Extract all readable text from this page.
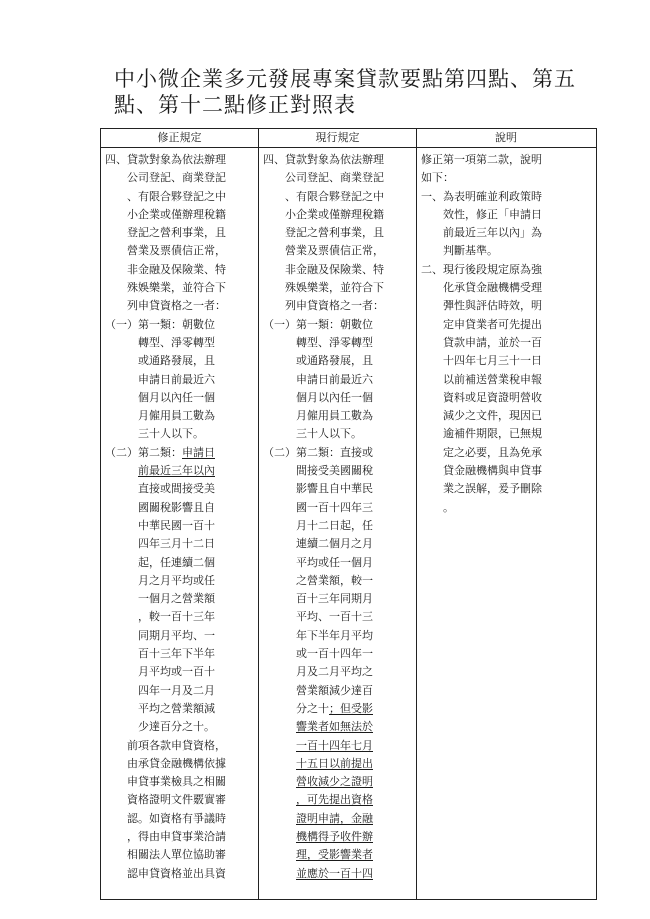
中小微企業多元發展專案貸款要點第四點、第五
點、第十二點修正對照表
修正規定	現行規定	說明
四、貸款對象為依法辦理
　　公司登記、商業登記
　　、有限合夥登記之中
　　小企業或僅辦理稅籍
　　登記之營利事業，且
　　營業及票債信正常，
　　非金融及保險業、特
　　殊娛樂業，並符合下
　　列申貸資格之一者：
（一）第一類：朝數位
　　　轉型、淨零轉型
　　　或通路發展，且
　　　申請日前最近六
　　　個月以內任一個
　　　月僱用員工數為
　　　三十人以下。
（二）第二類：申請日
　　　前最近三年以內
　　　直接或間接受美
　　　國關稅影響且自
　　　中華民國一百十
　　　四年三月十二日
　　　起，任連續二個
　　　月之月平均或任
　　　一個月之營業額
　　　，較一百十三年
　　　同期月平均、一
　　　百十三年下半年
　　　月平均或一百十
　　　四年一月及二月
　　　平均之營業額減
　　　少達百分之十。
　　前項各款申貸資格，
　　由承貸金融機構依據
　　申貸事業檢具之相關
　　資格證明文件覈實審
　　認。如資格有爭議時
　　，得由申貸事業洽請
　　相關法人單位協助審
　　認申貸資格並出具資
四、貸款對象為依法辦理
　　公司登記、商業登記
　　、有限合夥登記之中
　　小企業或僅辦理稅籍
　　登記之營利事業，且
　　營業及票債信正常，
　　非金融及保險業、特
　　殊娛樂業，並符合下
　　列申貸資格之一者：
（一）第一類：朝數位
　　　轉型、淨零轉型
　　　或通路發展，且
　　　申請日前最近六
　　　個月以內任一個
　　　月僱用員工數為
　　　三十人以下。
（二）第二類：直接或
　　　間接受美國關稅
　　　影響且自中華民
　　　國一百十四年三
　　　月十二日起，任
　　　連續二個月之月
　　　平均或任一個月
　　　之營業額，較一
　　　百十三年同期月
　　　平均、一百十三
　　　年下半年月平均
　　　或一百十四年一
　　　月及二月平均之
　　　營業額減少達百
　　　分之十；但受影
　　　響業者如無法於
　　　一百十四年七月
　　　十五日以前提出
　　　營收減少之證明
　　　，可先提出資格
　　　證明申請，金融
　　　機構得予收件辦
　　　理，受影響業者
　　　並應於一百十四
修正第一項第二款，說明
如下：
一、為表明確並利政策時
　　效性，修正「申請日
　　前最近三年以內」為
　　判斷基準。
二、現行後段規定原為強
　　化承貸金融機構受理
　　彈性與評估時效，明
　　定申貸業者可先提出
　　貸款申請，並於一百
　　十四年七月三十一日
　　以前補送營業稅申報
　　資料或足資證明營收
　　減少之文件，現因已
　　逾補件期限，已無規
　　定之必要，且為免承
　　貸金融機構與申貸事
　　業之誤解，爰予刪除
　　。
